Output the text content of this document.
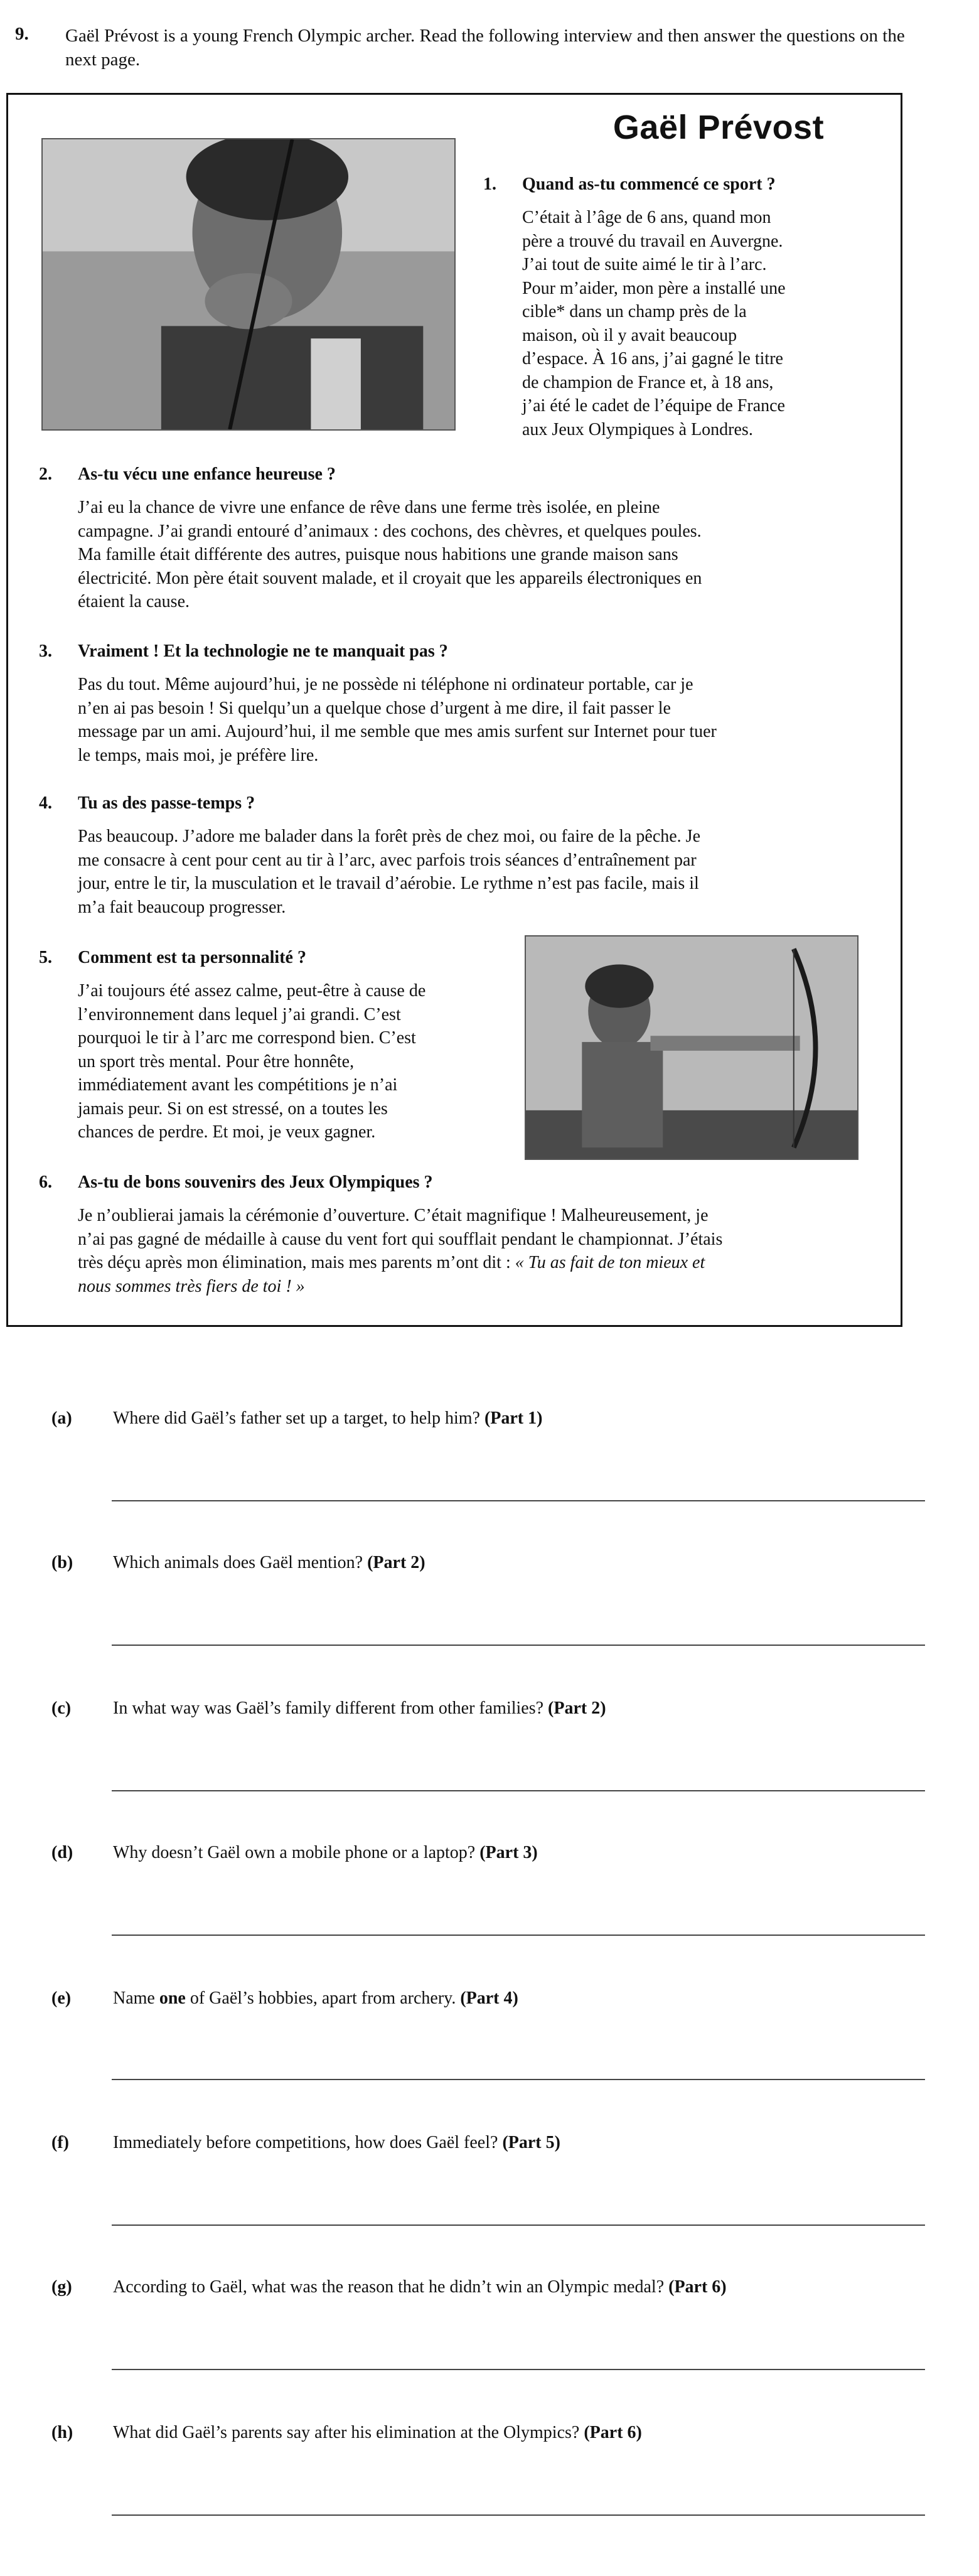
9. Gaël Prévost is a young French Olympic archer. Read the following interview and then answer the questions on the next page.
Gaël Prévost
1. Quand as-tu commencé ce sport ?
C’était à l’âge de 6 ans, quand mon
père a trouvé du travail en Auvergne.
J’ai tout de suite aimé le tir à l’arc.
Pour m’aider, mon père a installé une
cible* dans un champ près de la
maison, où il y avait beaucoup
d’espace. À 16 ans, j’ai gagné le titre
de champion de France et, à 18 ans,
j’ai été le cadet de l’équipe de France
aux Jeux Olympiques à Londres.
2. As-tu vécu une enfance heureuse ?
J’ai eu la chance de vivre une enfance de rêve dans une ferme très isolée, en pleine
campagne. J’ai grandi entouré d’animaux : des cochons, des chèvres, et quelques poules.
Ma famille était différente des autres, puisque nous habitions une grande maison sans
électricité. Mon père était souvent malade, et il croyait que les appareils électroniques en
étaient la cause.
3. Vraiment ! Et la technologie ne te manquait pas ?
Pas du tout. Même aujourd’hui, je ne possède ni téléphone ni ordinateur portable, car je
n’en ai pas besoin ! Si quelqu’un a quelque chose d’urgent à me dire, il fait passer le
message par un ami. Aujourd’hui, il me semble que mes amis surfent sur Internet pour tuer
le temps, mais moi, je préfère lire.
4. Tu as des passe-temps ?
Pas beaucoup. J’adore me balader dans la forêt près de chez moi, ou faire de la pêche. Je
me consacre à cent pour cent au tir à l’arc, avec parfois trois séances d’entraînement par
jour, entre le tir, la musculation et le travail d’aérobie. Le rythme n’est pas facile, mais il
m’a fait beaucoup progresser.
5. Comment est ta personnalité ?
J’ai toujours été assez calme, peut-être à cause de
l’environnement dans lequel j’ai grandi. C’est
pourquoi le tir à l’arc me correspond bien. C’est
un sport très mental. Pour être honnête,
immédiatement avant les compétitions je n’ai
jamais peur. Si on est stressé, on a toutes les
chances de perdre. Et moi, je veux gagner.
6. As-tu de bons souvenirs des Jeux Olympiques ?
Je n’oublierai jamais la cérémonie d’ouverture. C’était magnifique ! Malheureusement, je
n’ai pas gagné de médaille à cause du vent fort qui soufflait pendant le championnat. J’étais
très déçu après mon élimination, mais mes parents m’ont dit : « Tu as fait de ton mieux et
nous sommes très fiers de toi ! »
(a) Where did Gaël’s father set up a target, to help him? (Part 1)
(b) Which animals does Gaël mention? (Part 2)
(c) In what way was Gaël’s family different from other families? (Part 2)
(d) Why doesn’t Gaël own a mobile phone or a laptop? (Part 3)
(e) Name one of Gaël’s hobbies, apart from archery. (Part 4)
(f)	Immediately before competitions, how does Gaël feel? (Part 5)
(g) According to Gaël, what was the reason that he didn’t win an Olympic medal? (Part 6)
(h) What did Gaël’s parents say after his elimination at the Olympics? (Part 6)
